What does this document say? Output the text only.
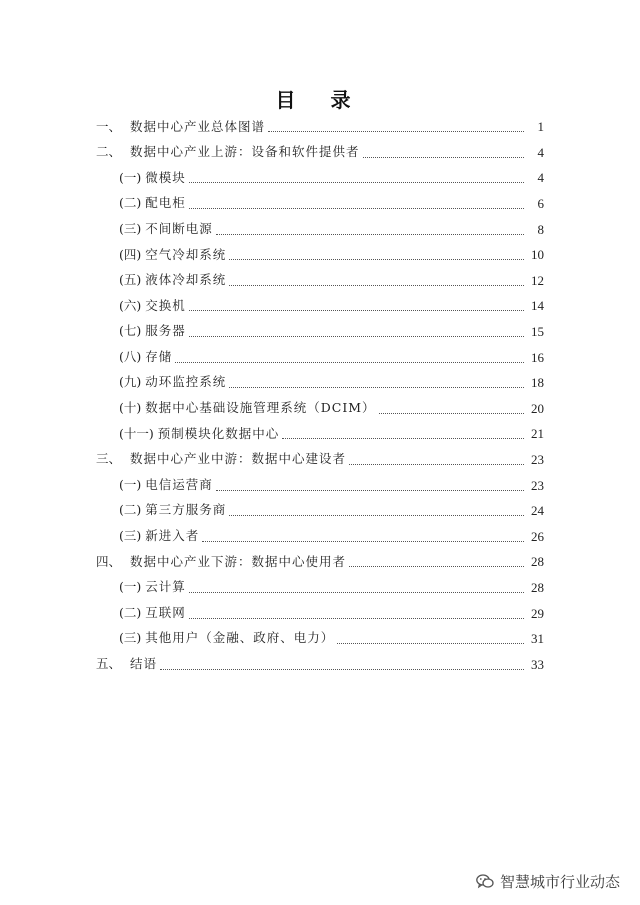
目 录
一、 数据中心产业总体图谱	1
二、 数据中心产业上游：设备和软件提供者	4
(一) 微模块	4
(二) 配电柜	6
(三) 不间断电源	8
(四) 空气冷却系统	10
(五) 液体冷却系统	12
(六) 交换机	14
(七) 服务器	15
(八) 存储	16
(九) 动环监控系统	18
(十) 数据中心基础设施管理系统（DCIM）	20
(十一) 预制模块化数据中心	21
三、 数据中心产业中游：数据中心建设者	23
(一) 电信运营商	23
(二) 第三方服务商	24
(三) 新进入者	26
四、 数据中心产业下游：数据中心使用者	28
(一) 云计算	28
(二) 互联网	29
(三) 其他用户（金融、政府、电力）	31
五、 结语	33
智慧城市行业动态
